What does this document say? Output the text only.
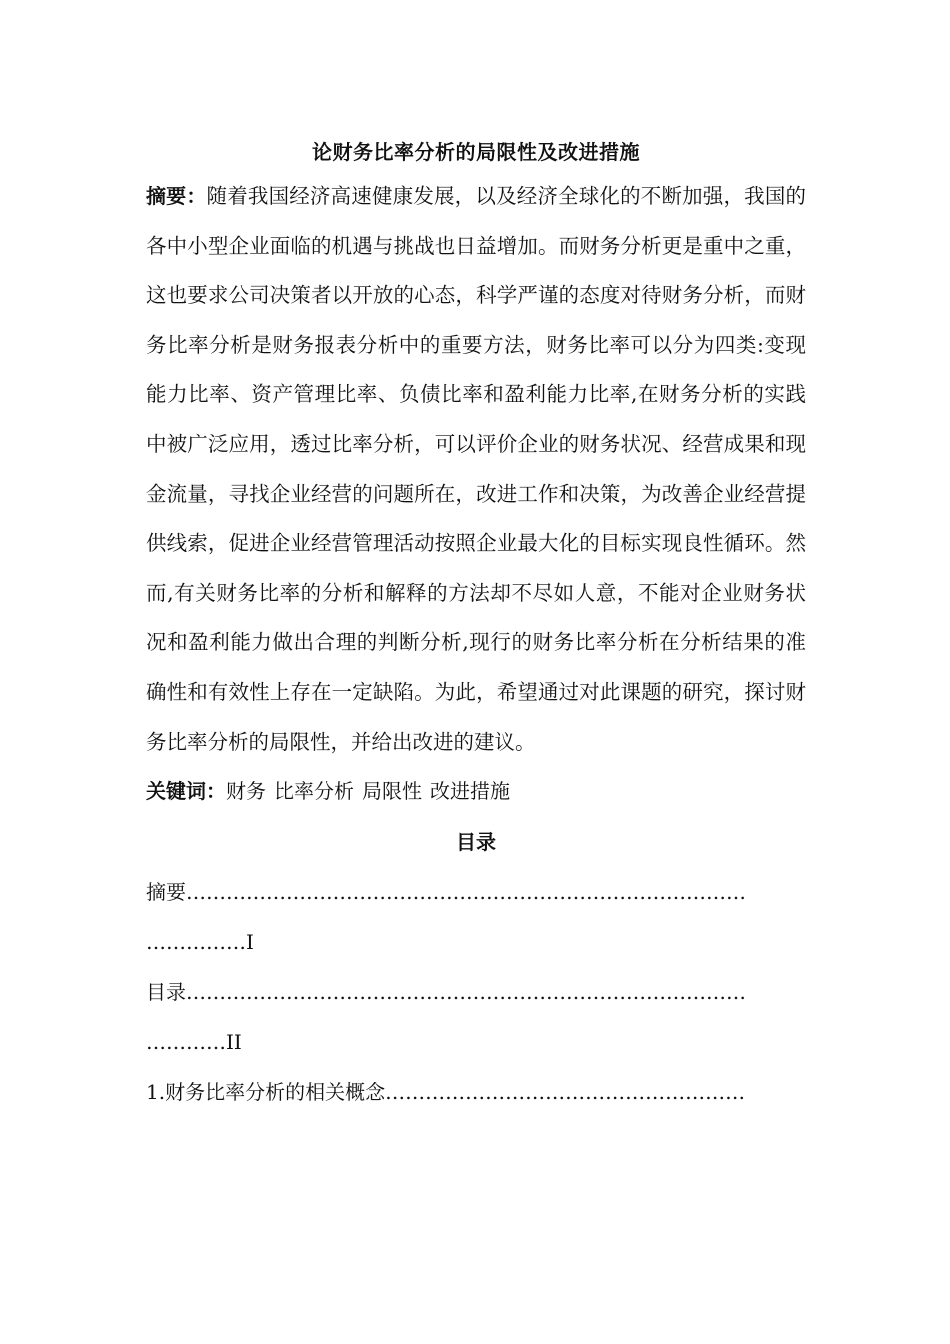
论财务比率分析的局限性及改进措施

摘要：随着我国经济高速健康发展，以及经济全球化的不断加强，我国的各中小型企业面临的机遇与挑战也日益增加。而财务分析更是重中之重，这也要求公司决策者以开放的心态，科学严谨的态度对待财务分析，而财务比率分析是财务报表分析中的重要方法，财务比率可以分为四类:变现能力比率、资产管理比率、负债比率和盈利能力比率,在财务分析的实践中被广泛应用，透过比率分析，可以评价企业的财务状况、经营成果和现金流量，寻找企业经营的问题所在，改进工作和决策，为改善企业经营提供线索，促进企业经营管理活动按照企业最大化的目标实现良性循环。然而,有关财务比率的分析和解释的方法却不尽如人意，不能对企业财务状况和盈利能力做出合理的判断分析,现行的财务比率分析在分析结果的准确性和有效性上存在一定缺陷。为此，希望通过对此课题的研究，探讨财务比率分析的局限性，并给出改进的建议。

关键词：财务 比率分析 局限性 改进措施

目录
摘要…………………………………………………………………………
……………I
目录…………………………………………………………………………
…………II
1.财务比率分析的相关概念………………………………………………
